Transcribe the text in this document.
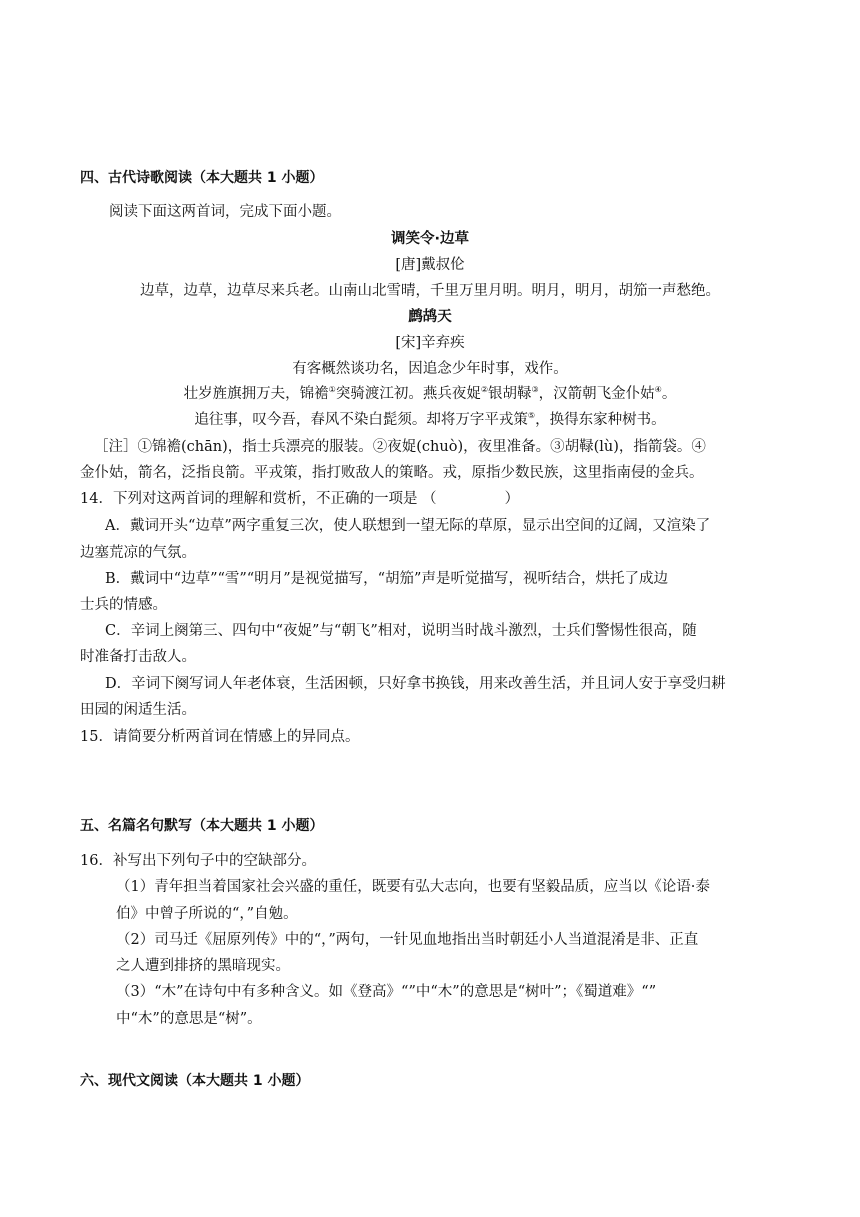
四、古代诗歌阅读（本大题共 1 小题）
阅读下面这两首词，完成下面小题。
调笑令·边草
[唐]戴叔伦
边草，边草，边草尽来兵老。山南山北雪晴，千里万里月明。明月，明月，胡笳一声愁绝。
鹧鸪天
[宋]辛弃疾
有客概然谈功名，因追念少年时事，戏作。
壮岁旌旗拥万夫，锦襜①突骑渡江初。燕兵夜娖②银胡䩮③，汉箭朝飞金仆姑④。
追往事，叹今吾，春风不染白髭须。却将万字平戎策⑤，换得东家种树书。
［注］①锦襜(chān)，指士兵漂亮的服装。②夜娖(chuò)，夜里准备。③胡䩮(lù)，指箭袋。④
金仆姑，箭名，泛指良箭。平戎策，指打败敌人的策略。戎，原指少数民族，这里指南侵的金兵。
14．下列对这两首词的理解和赏析，不正确的一项是 （	）
A．戴词开头“边草”两字重复三次，使人联想到一望无际的草原，显示出空间的辽阔，又渲染了
边塞荒凉的气氛。
B．戴词中“边草”“雪”“明月”是视觉描写，“胡笳”声是听觉描写，视听结合，烘托了成边
士兵的情感。
C．辛词上阕第三、四句中“夜娖”与“朝飞”相对，说明当时战斗激烈，士兵们警惕性很高，随
时准备打击敌人。
D．辛词下阕写词人年老体衰，生活困顿，只好拿书换钱，用来改善生活，并且词人安于享受归耕
田园的闲适生活。
15．请简要分析两首词在情感上的异同点。
五、名篇名句默写（本大题共 1 小题）
16．补写出下列句子中的空缺部分。
（1）青年担当着国家社会兴盛的重任，既要有弘大志向，也要有坚毅品质，应当以《论语·泰
伯》中曾子所说的“，”自勉。
（2）司马迁《屈原列传》中的“，”两句，一针见血地指出当时朝廷小人当道混淆是非、正直
之人遭到排挤的黑暗现实。
（3）“木”在诗句中有多种含义。如《登高》“”中“木”的意思是“树叶”；《蜀道难》“”
中“木”的意思是“树”。
六、现代文阅读（本大题共 1 小题）
